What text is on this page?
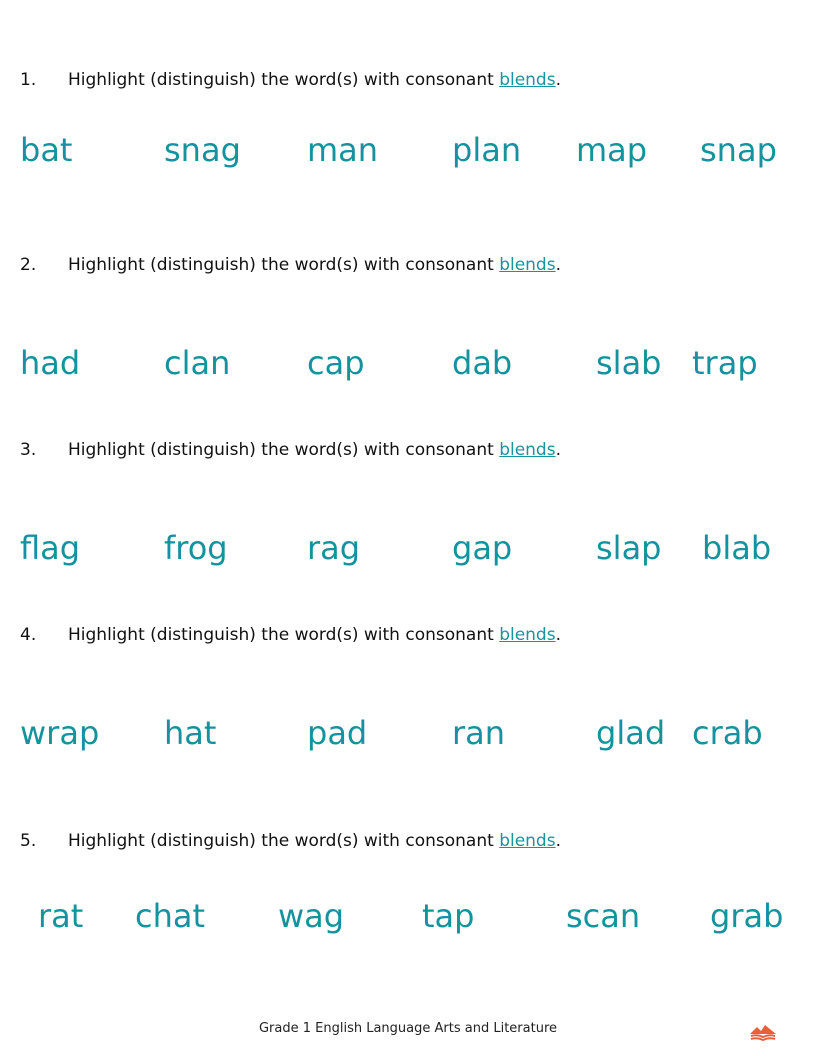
1. Highlight (distinguish) the word(s) with consonant blends.
bat	snag man plan map snap
2. Highlight (distinguish) the word(s) with consonant blends.
had	clan cap	dab	slab trap
3. Highlight (distinguish) the word(s) with consonant blends.
flag	frog rag	gap	slap blab
4. Highlight (distinguish) the word(s) with consonant blends.
wrap hat	pad	ran	glad crab
5. Highlight (distinguish) the word(s) with consonant blends.
rat chat wag tap	scan grab
Grade 1 English Language Arts and Literature
